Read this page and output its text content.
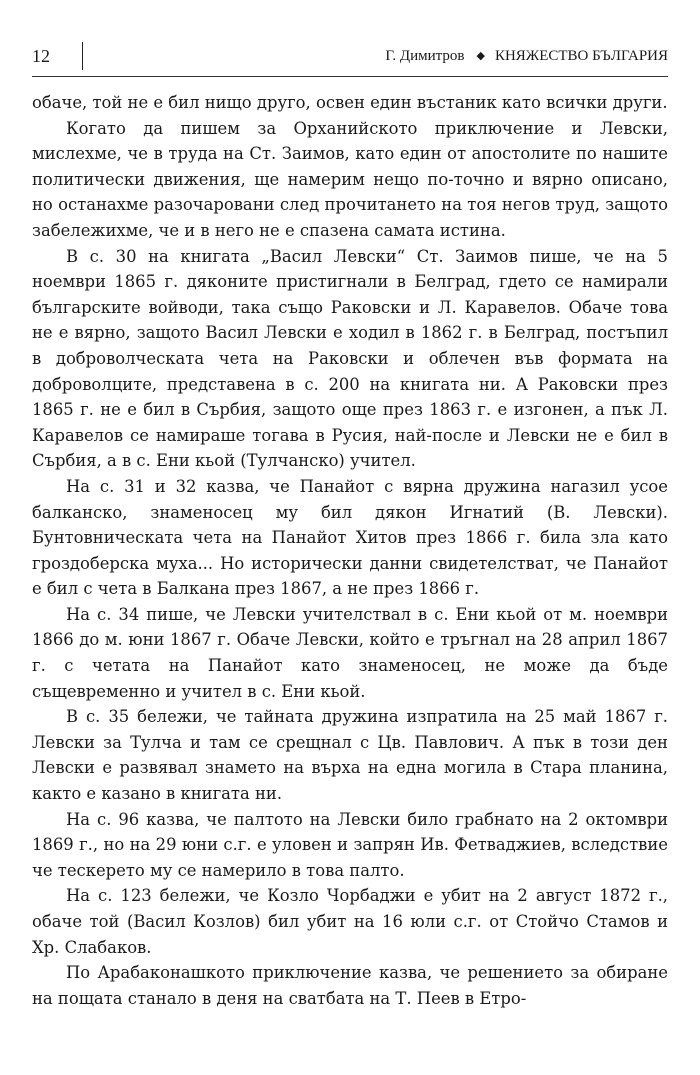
12	Г. Димитров ◆ КНЯЖЕСТВО БЪЛГАРИЯ

обаче, той не е бил нищо друго, освен един въстаник като всички други.

Когато да пишем за Орханийското приключение и Левски, мислехме, че в труда на Ст. Заимов, като един от апостолите по нашите политически движения, ще намерим нещо по-точно и вярно описано, но останахме разочаровани след прочитането на тоя негов труд, защото забележихме, че и в него не е спазена самата истина.

В с. 30 на книгата „Васил Левски“ Ст. Заимов пише, че на 5 ноември 1865 г. дяконите пристигнали в Белград, гдето се намирали българските войводи, така също Раковски и Л. Каравелов. Обаче това не е вярно, защото Васил Левски е ходил в 1862 г. в Белград, постъпил в доброволческата чета на Раковски и облечен във формата на доброволците, представена в с. 200 на книгата ни. А Раковски през 1865 г. не е бил в Сърбия, защото още през 1863 г. е изгонен, а пък Л. Каравелов се намираше тогава в Русия, най-после и Левски не е бил в Сърбия, а в с. Ени кьой (Тулчанско) учител.

На с. 31 и 32 казва, че Панайот с вярна дружина нагазил усое балканско, знаменосец му бил дякон Игнатий (В. Левски). Бунтовническата чета на Панайот Хитов през 1866 г. била зла като гроздоберска муха... Но исторически данни свидетелстват, че Панайот е бил с чета в Балкана през 1867, а не през 1866 г.

На с. 34 пише, че Левски учителствал в с. Ени кьой от м. ноември 1866 до м. юни 1867 г. Обаче Левски, който е тръгнал на 28 април 1867 г. с четата на Панайот като знаменосец, не може да бъде същевременно и учител в с. Ени кьой.

В с. 35 бележи, че тайната дружина изпратила на 25 май 1867 г. Левски за Тулча и там се срещнал с Цв. Павлович. А пък в този ден Левски е развявал знамето на върха на една могила в Стара планина, както е казано в книгата ни.

На с. 96 казва, че палтото на Левски било грабнато на 2 октомври 1869 г., но на 29 юни с.г. е уловен и запрян Ив. Фетваджиев, вследствие че тескерето му се намерило в това палто.

На с. 123 бележи, че Козло Чорбаджи е убит на 2 август 1872 г., обаче той (Васил Козлов) бил убит на 16 юли с.г. от Стойчо Стамов и Хр. Слабаков.

По Арабаконашкото приключение казва, че решението за обиране на пощата станало в деня на сватбата на Т. Пеев в Етро-
